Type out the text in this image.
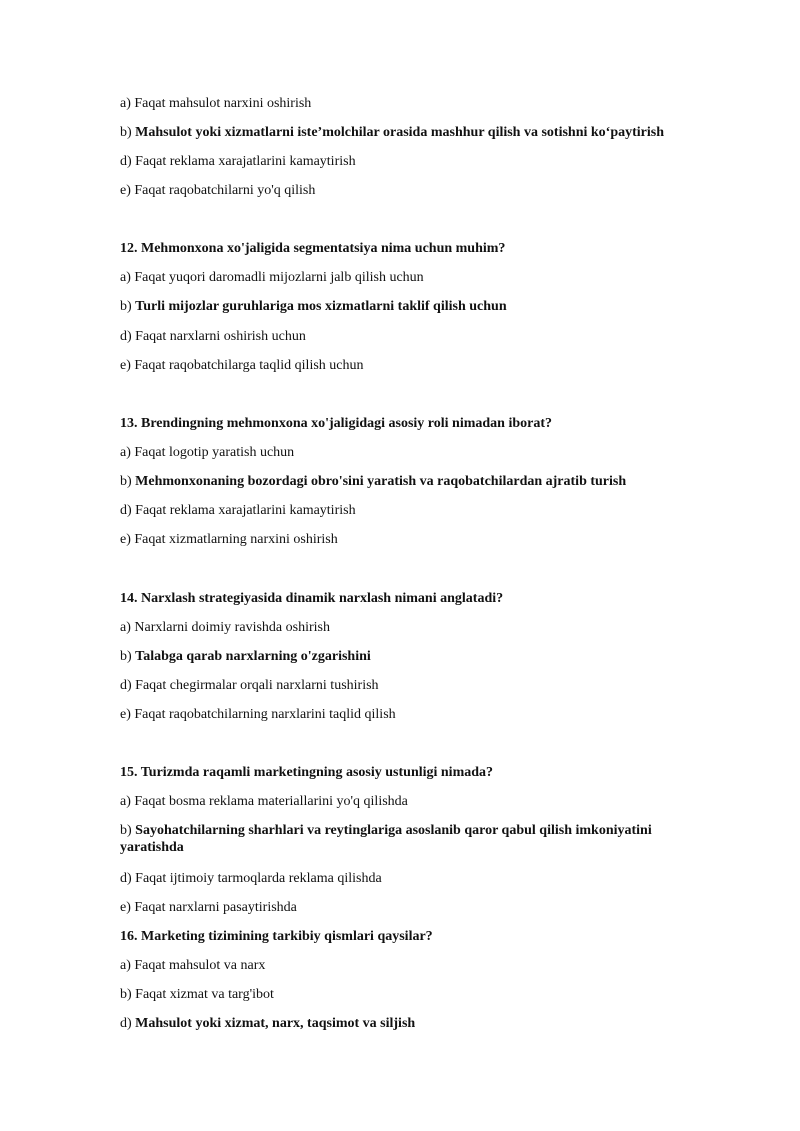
a) Faqat mahsulot narxini oshirish
b) Mahsulot yoki xizmatlarni iste’molchilar orasida mashhur qilish va sotishni ko‘paytirish
d) Faqat reklama xarajatlarini kamaytirish
e) Faqat raqobatchilarni yo'q qilish
12. Mehmonxona xo'jaligida segmentatsiya nima uchun muhim?
a) Faqat yuqori daromadli mijozlarni jalb qilish uchun
b) Turli mijozlar guruhlariga mos xizmatlarni taklif qilish uchun
d) Faqat narxlarni oshirish uchun
e) Faqat raqobatchilarga taqlid qilish uchun
13. Brendingning mehmonxona xo'jaligidagi asosiy roli nimadan iborat?
a) Faqat logotip yaratish uchun
b) Mehmonxonaning bozordagi obro'sini yaratish va raqobatchilardan ajratib turish
d) Faqat reklama xarajatlarini kamaytirish
e) Faqat xizmatlarning narxini oshirish
14. Narxlash strategiyasida dinamik narxlash nimani anglatadi?
a) Narxlarni doimiy ravishda oshirish
b) Talabga qarab narxlarning o'zgarishini
d) Faqat chegirmalar orqali narxlarni tushirish
e) Faqat raqobatchilarning narxlarini taqlid qilish
15. Turizmda raqamli marketingning asosiy ustunligi nimada?
a) Faqat bosma reklama materiallarini yo'q qilishda
b) Sayohatchilarning sharhlari va reytinglariga asoslanib qaror qabul qilish imkoniyatini yaratishda
d) Faqat ijtimoiy tarmoqlarda reklama qilishda
e) Faqat narxlarni pasaytirishda
16. Marketing tizimining tarkibiy qismlari qaysilar?
a) Faqat mahsulot va narx
b) Faqat xizmat va targ'ibot
d) Mahsulot yoki xizmat, narx, taqsimot va siljish
